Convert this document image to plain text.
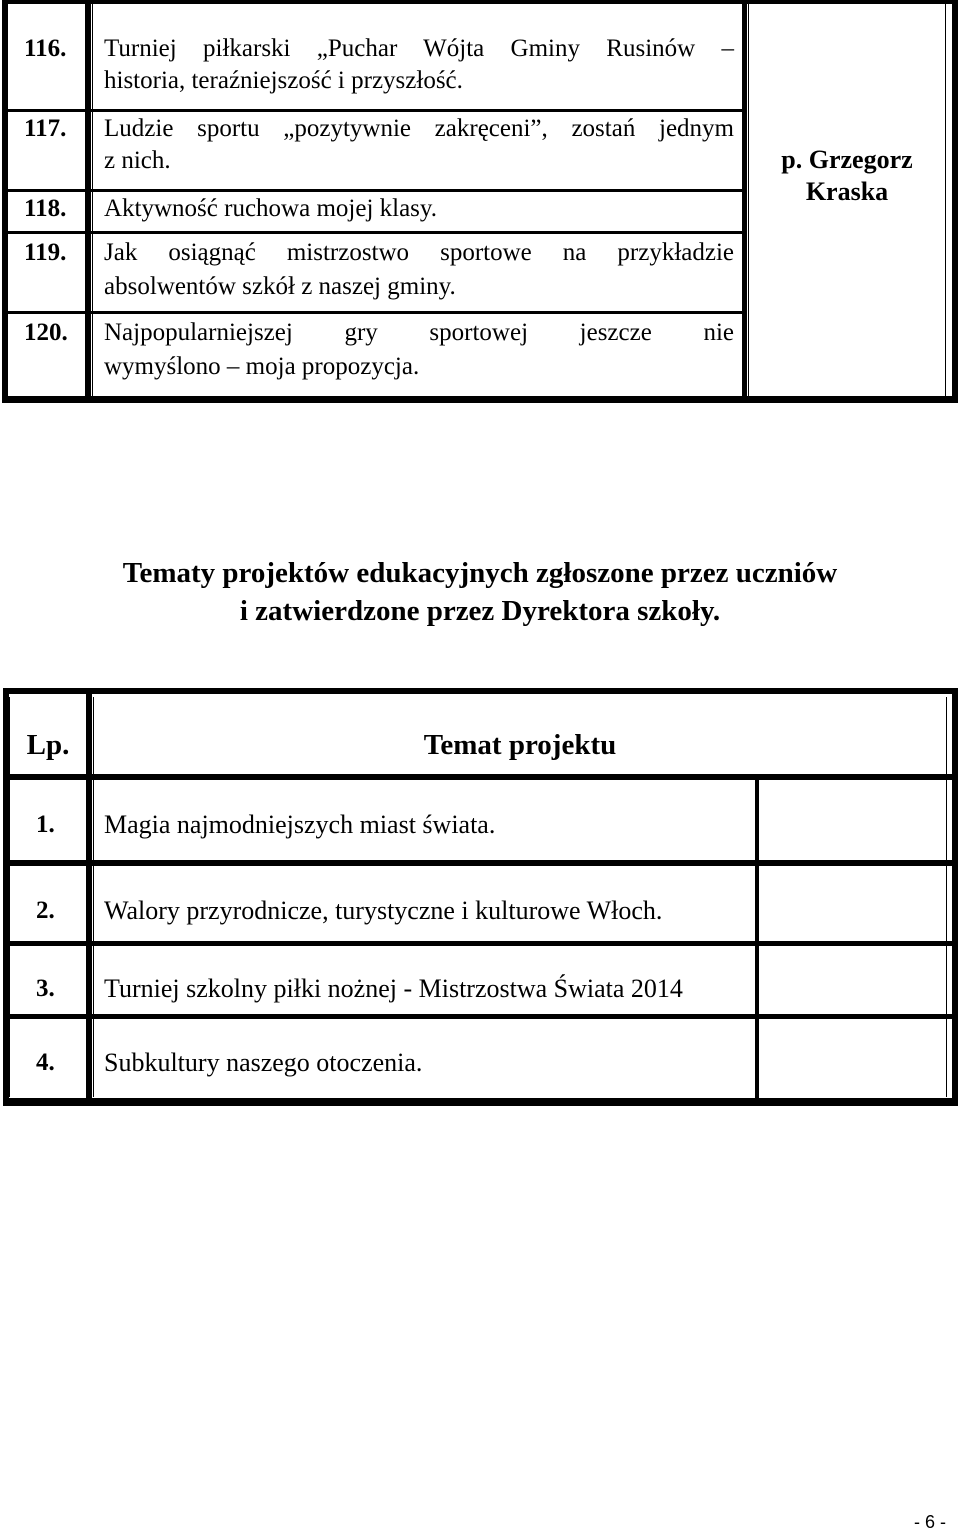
116. Turniej piłkarski „Puchar Wójta Gminy Rusinów –
historia, teraźniejszość i przyszłość.
117. Ludzie sportu „pozytywnie zakręceni”, zostań jednym
z nich.
118. Aktywność ruchowa mojej klasy.
119. Jak osiągnąć mistrzostwo sportowe na przykładzie
absolwentów szkół z naszej gminy.
120. Najpopularniejszej gry sportowej jeszcze nie
wymyślono – moja propozycja.
p. Grzegorz
Kraska
Tematy projektów edukacyjnych zgłoszone przez uczniów
i zatwierdzone przez Dyrektora szkoły.
Lp.	Temat projektu
1. Magia najmodniejszych miast świata.
2. Walory przyrodnicze, turystyczne i kulturowe Włoch.
3. Turniej szkolny piłki nożnej - Mistrzostwa Świata 2014
4. Subkultury naszego otoczenia.
- 6 -
